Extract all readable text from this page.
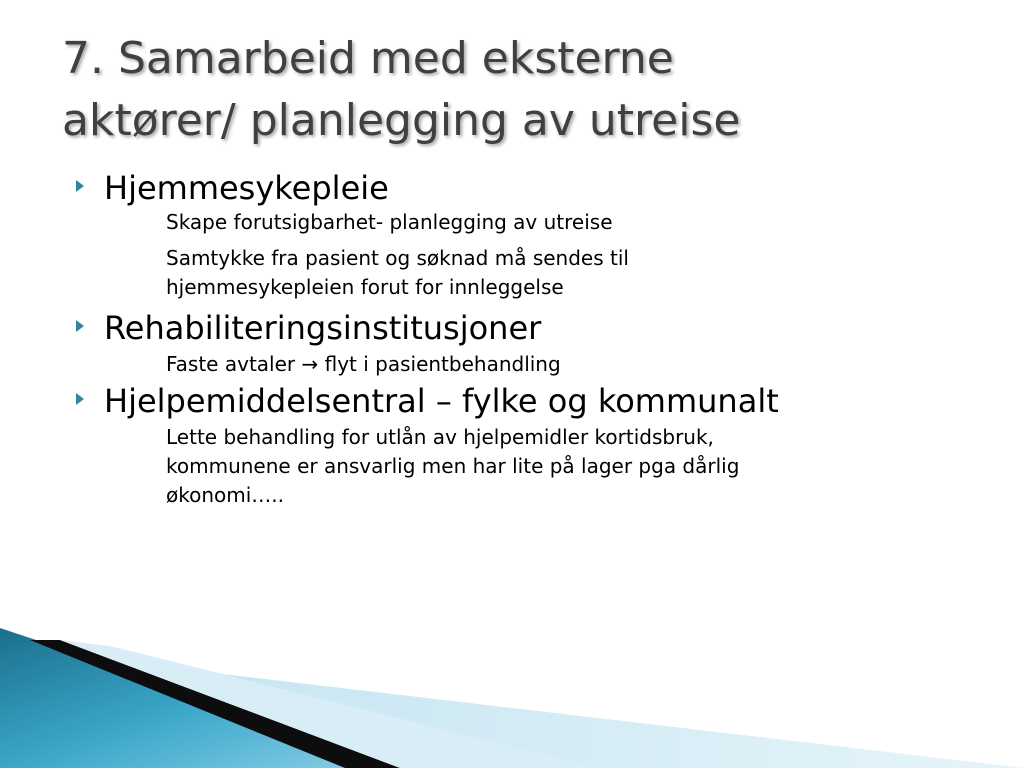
7. Samarbeid med eksterne
aktører/ planlegging av utreise
Hjemmesykepleie
Skape forutsigbarhet- planlegging av utreise
Samtykke fra pasient og søknad må sendes til
hjemmesykepleien forut for innleggelse
Rehabiliteringsinstitusjoner
Faste avtaler → flyt i pasientbehandling
Hjelpemiddelsentral – fylke og kommunalt
Lette behandling for utlån av hjelpemidler kortidsbruk,
kommunene er ansvarlig men har lite på lager pga dårlig
økonomi…..
